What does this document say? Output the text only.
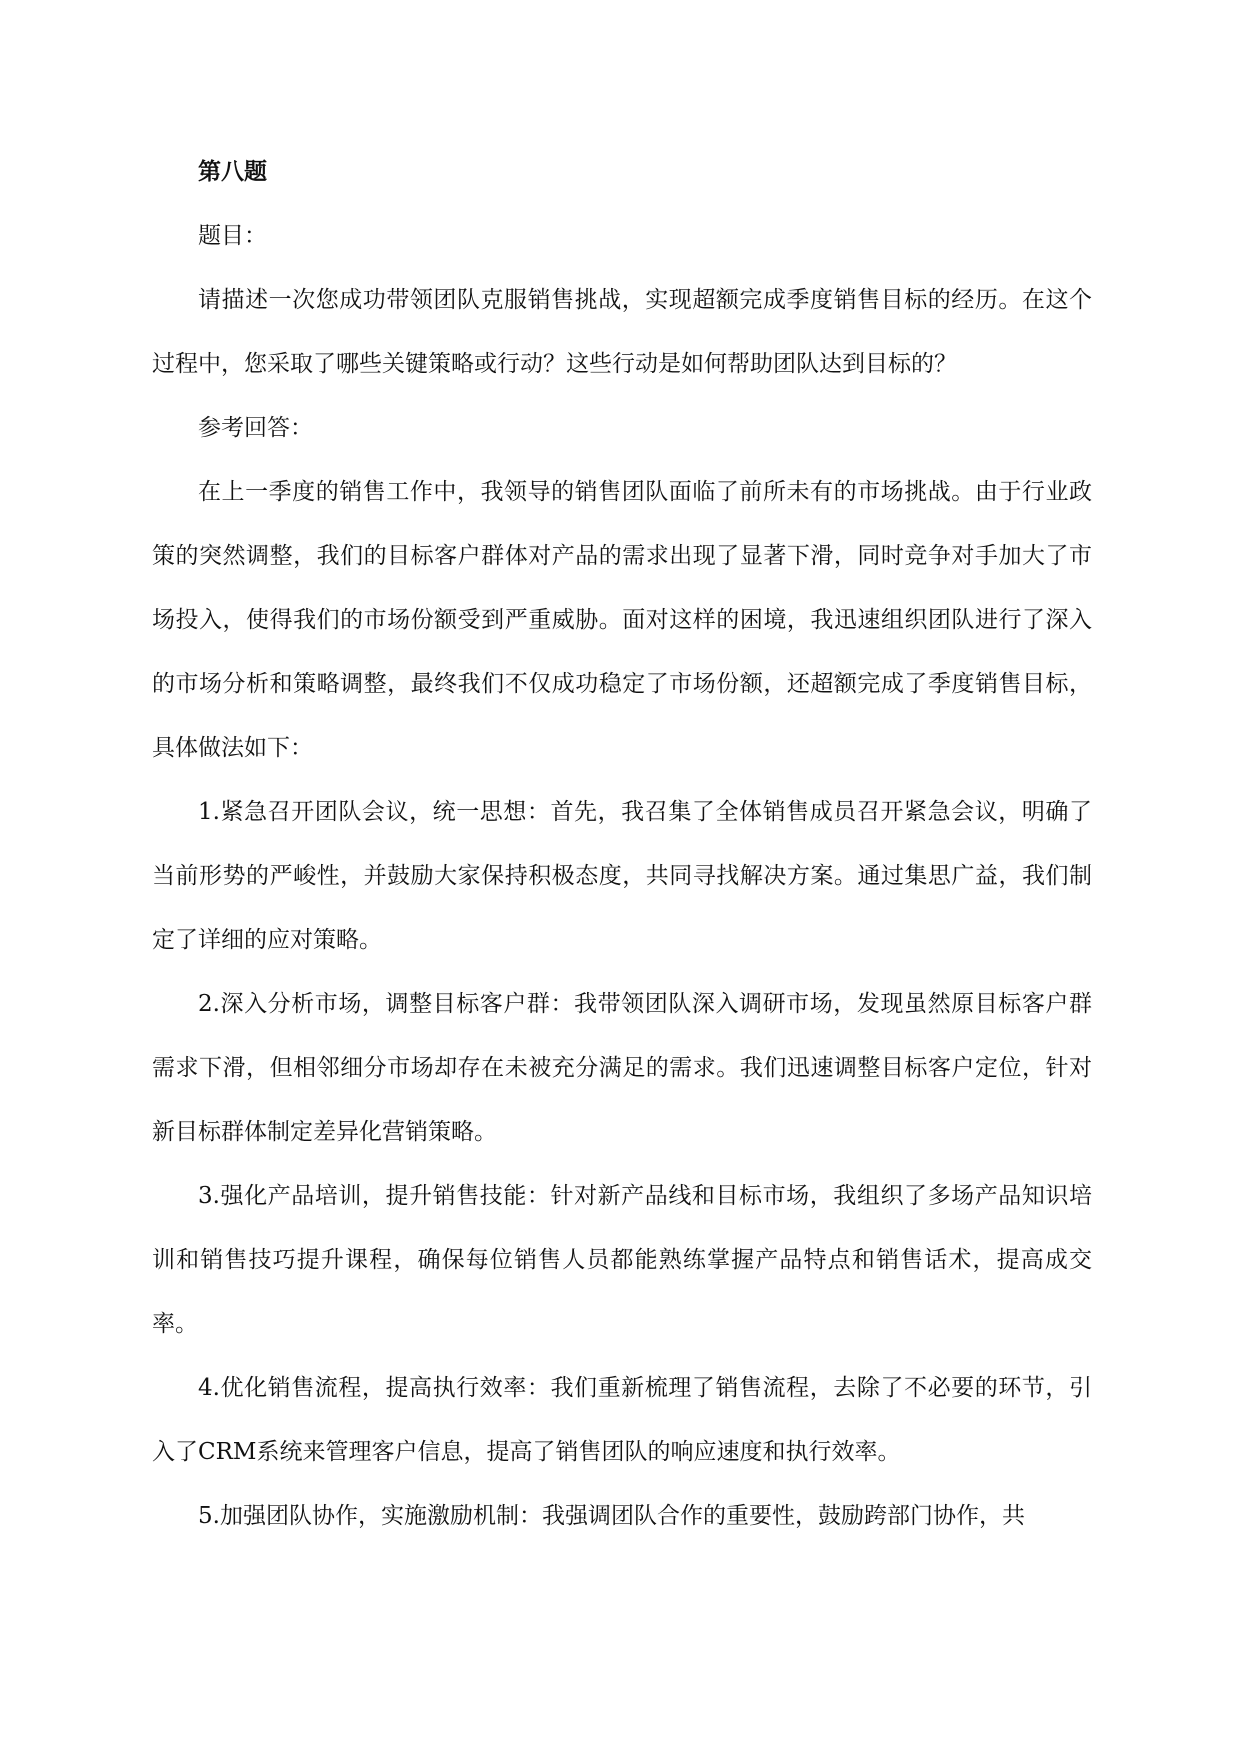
第八题

题目：

请描述一次您成功带领团队克服销售挑战，实现超额完成季度销售目标的经历。在这个过程中，您采取了哪些关键策略或行动？这些行动是如何帮助团队达到目标的？

参考回答：

在上一季度的销售工作中，我领导的销售团队面临了前所未有的市场挑战。由于行业政策的突然调整，我们的目标客户群体对产品的需求出现了显著下滑，同时竞争对手加大了市场投入，使得我们的市场份额受到严重威胁。面对这样的困境，我迅速组织团队进行了深入的市场分析和策略调整，最终我们不仅成功稳定了市场份额，还超额完成了季度销售目标，具体做法如下：

1.紧急召开团队会议，统一思想：首先，我召集了全体销售成员召开紧急会议，明确了当前形势的严峻性，并鼓励大家保持积极态度，共同寻找解决方案。通过集思广益，我们制定了详细的应对策略。

2.深入分析市场，调整目标客户群：我带领团队深入调研市场，发现虽然原目标客户群需求下滑，但相邻细分市场却存在未被充分满足的需求。我们迅速调整目标客户定位，针对新目标群体制定差异化营销策略。

3.强化产品培训，提升销售技能：针对新产品线和目标市场，我组织了多场产品知识培训和销售技巧提升课程，确保每位销售人员都能熟练掌握产品特点和销售话术，提高成交率。

4.优化销售流程，提高执行效率：我们重新梳理了销售流程，去除了不必要的环节，引入了CRM系统来管理客户信息，提高了销售团队的响应速度和执行效率。

5.加强团队协作，实施激励机制：我强调团队合作的重要性，鼓励跨部门协作，共
